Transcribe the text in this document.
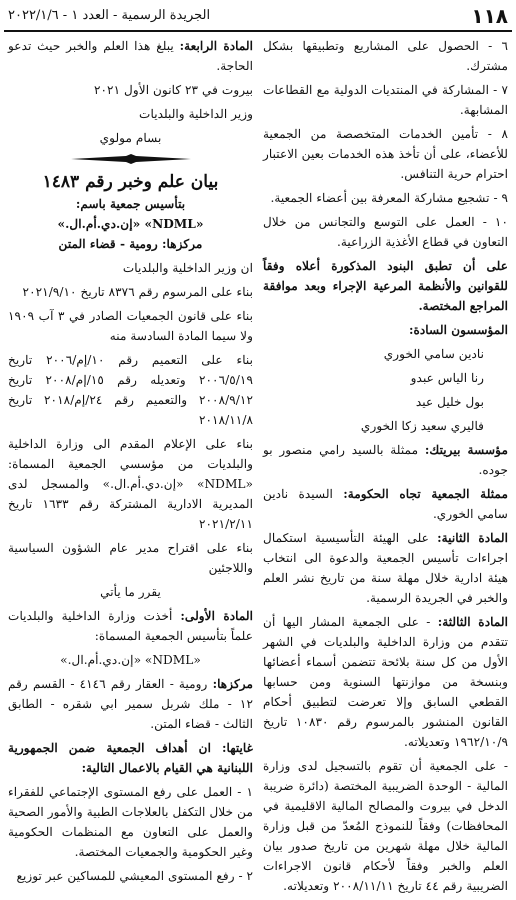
١١٨
الجريدة الرسمية - العدد ١ - ٢٠٢٢/١/٦

٦ - الحصول على المشاريع وتطبيقها بشكل مشترك.

٧ - المشاركة في المنتديات الدولية مع القطاعات المشابهة.

٨ - تأمين الخدمات المتخصصة من الجمعية للأعضاء، على أن تأخذ هذه الخدمات بعين الاعتبار احترام حرية التنافس.

٩ - تشجيع مشاركة المعرفة بين أعضاء الجمعية.

١٠ - العمل على التوسع والتجانس من خلال التعاون في قطاع الأغذية الزراعية.

على أن تطبق البنود المذكورة أعلاه وفقاً للقوانين والأنظمة المرعية الإجراء وبعد موافقة المراجع المختصة.

المؤسسون السادة:

نادين سامي الخوري

رنا الياس عبدو

بول خليل عيد

فاليري سعيد زكا الخوري

مؤسسة بيريتك: ممثلة بالسيد رامي منصور بو جوده.

ممثلة الجمعية تجاه الحكومة: السيدة نادين سامي الخوري.

المادة الثانية: على الهيئة التأسيسية استكمال اجراءات تأسيس الجمعية والدعوة الى انتخاب هيئة ادارية خلال مهلة سنة من تاريخ نشر العلم والخبر في الجريدة الرسمية.

المادة الثالثة: - على الجمعية المشار اليها أن تتقدم من وزارة الداخلية والبلديات في الشهر الأول من كل سنة بلائحة تتضمن أسماء أعضائها وبنسخة من موازنتها السنوية ومن حسابها القطعي السابق وإلا تعرضت لتطبيق أحكام القانون المنشور بالمرسوم رقم ١٠٨٣٠ تاريخ ١٩٦٢/١٠/٩ وتعديلاته.

- على الجمعية أن تقوم بالتسجيل لدى وزارة المالية - الوحدة الضريبية المختصة (دائرة ضريبة الدخل في بيروت والمصالح المالية الاقليمية في المحافظات) وفقاً للنموذج المُعدّ من قبل وزارة المالية خلال مهلة شهرين من تاريخ صدور بيان العلم والخبر وفقاً لأحكام قانون الاجراءات الضريبية رقم ٤٤ تاريخ ٢٠٠٨/١١/١١ وتعديلاته.

المادة الرابعة: يبلغ هذا العلم والخبر حيث تدعو الحاجة.

بيروت في ٢٣ كانون الأول ٢٠٢١

وزير الداخلية والبلديات

بسام مولوي

بيان علم وخبر رقم ١٤٨٣
بتأسيس جمعية باسم:
«NDML» «إن.دي.أم.ال.»
مركزها: رومية - قضاء المتن

ان وزير الداخلية والبلديات

بناء على المرسوم رقم ٨٣٧٦ تاريخ ٢٠٢١/٩/١٠

بناء على قانون الجمعيات الصادر في ٣ آب ١٩٠٩ ولا سيما المادة السادسة منه

بناء على التعميم رقم ١٠/إم/٢٠٠٦ تاريخ ٢٠٠٦/٥/١٩ وتعديله رقم ١٥/إم/٢٠٠٨ تاريخ ٢٠٠٨/٩/١٢ والتعميم رقم ٢٤/إم/٢٠١٨ تاريخ ٢٠١٨/١١/٨

بناء على الإعلام المقدم الى وزارة الداخلية والبلديات من مؤسسي الجمعية المسماة: «NDML» «إن.دي.أم.ال.» والمسجل لدى المديرية الادارية المشتركة رقم ١٦٣٣ تاريخ ٢٠٢١/٢/١١

بناء على اقتراح مدير عام الشؤون السياسية واللاجئين

يقرر ما يأتي

المادة الأولى: أخذت وزارة الداخلية والبلديات علماً بتأسيس الجمعية المسماة:

«NDML» «إن.دي.أم.ال.»

مركزها: رومية - العقار رقم ٤١٤٦ - القسم رقم ١٢ - ملك شربل سمير ابي شقره - الطابق الثالث - قضاء المتن.

غايتها: ان أهداف الجمعية ضمن الجمهورية اللبنانية هي القيام بالاعمال التالية:

١ - العمل على رفع المستوى الإجتماعي للفقراء من خلال التكفل بالعلاجات الطبية والأمور الصحية والعمل على التعاون مع المنظمات الحكومية وغير الحكومية والجمعيات المختصة.

٢ - رفع المستوى المعيشي للمساكين عبر توزيع
